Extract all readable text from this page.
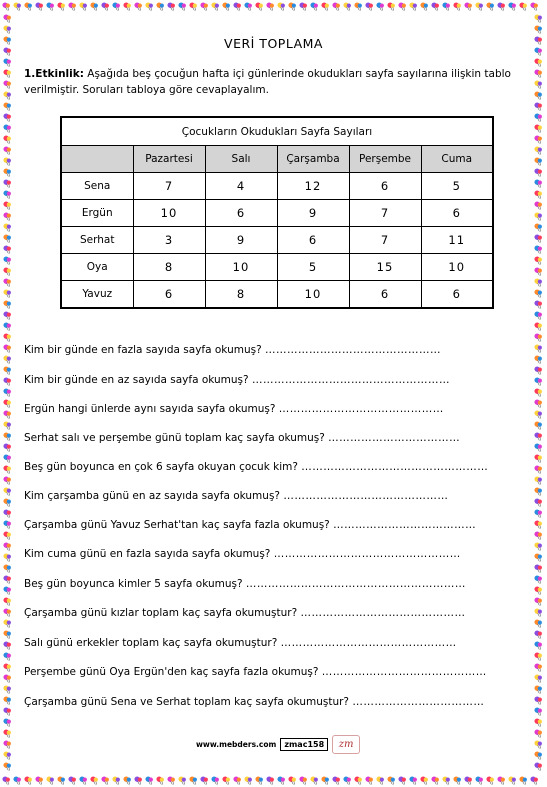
VERİ TOPLAMA
1.Etkinlik: Aşağıda beş çocuğun hafta içi günlerinde okudukları sayfa sayılarına ilişkin tablo verilmiştir. Soruları tabloya göre cevaplayalım.
Çocukların Okudukları Sayfa Sayıları					
	Pazartesi	Salı	Çarşamba	Perşembe	Cuma
Sena	7	4	12	6	5
Ergün	10	6	9	7	6
Serhat	3	9	6	7	11
Oya	8	10	5	15	10
Yavuz	6	8	10	6	6
Kim bir günde en fazla sayıda sayfa okumuş? …………………………………………
Kim bir günde en az sayıda sayfa okumuş? ………………………………………………
Ergün hangi ünlerde aynı sayıda sayfa okumuş? ………………………………………
Serhat salı ve perşembe günü toplam kaç sayfa okumuş? ………………………………
Beş gün boyunca en çok 6 sayfa okuyan çocuk kim? ……………………………………………
Kim çarşamba günü en az sayıda sayfa okumuş? ………………………………………
Çarşamba günü Yavuz Serhat'tan kaç sayfa fazla okumuş? …………………………………
Kim cuma günü en fazla sayıda sayfa okumuş? ……………………………………………
Beş gün boyunca kimler 5 sayfa okumuş? ……………………………………………………
Çarşamba günü kızlar toplam kaç sayfa okumuştur? ………………………………………
Salı günü erkekler toplam kaç sayfa okumuştur? …………………………………………
Perşembe günü Oya Ergün'den kaç sayfa fazla okumuş? ………………………………………
Çarşamba günü Sena ve Serhat toplam kaç sayfa okumuştur? ………………………………
www.mebders.com	zmac158	zm
